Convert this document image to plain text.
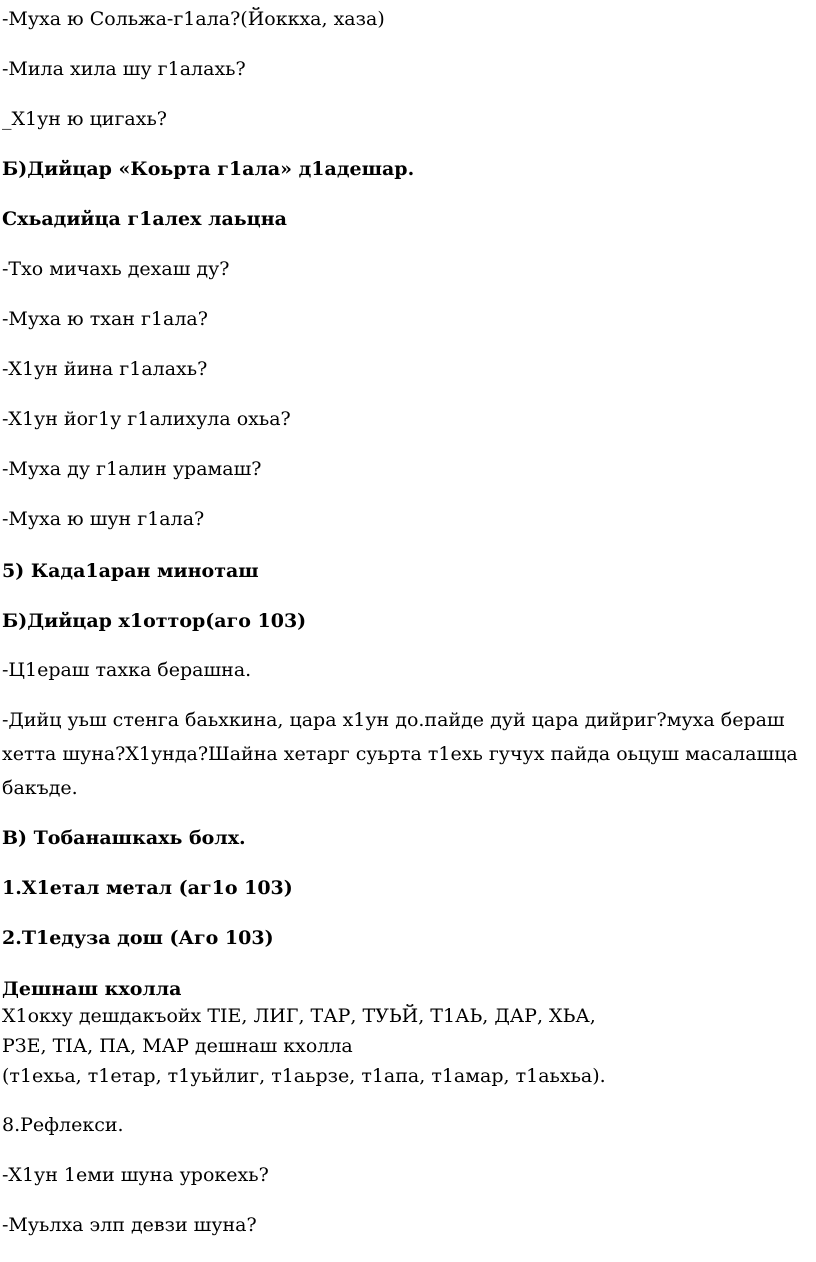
-Муха ю Сольжа-г1ала?(Йоккха, хаза)

-Мила хила шу г1алахь?

_Х1ун ю цигахь?

Б)Дийцар «Коьрта г1ала» д1адешар.

Схьадийца г1алех лаьцна

-Тхо мичахь дехаш ду?

-Муха ю тхан г1ала?

-Х1ун йина г1алахь?

-Х1ун йог1у г1алихула охьа?

-Муха ду г1алин урамаш?

-Муха ю шун г1ала?

5) Када1аран минoташ

Б)Дийцар х1оттор(аго 103)

-Ц1ераш тахка берашна.

-Дийц уьш стенга баьхкина, цара х1ун до.пайде дуй цара дийриг?муха бераш хетта шуна?Х1унда?Шайна хетарг суьрта т1ехь гучух пайда оьцуш масалашца бакъде.

В) Тобанашкахь болх.

1.Х1етал метал (аг1о 103)

2.Т1едуза дош (Аго 103)

Дешнаш кхолла

Х1окху дешдакъойх ТIЕ, ЛИГ, ТАР, ТУЬЙ, Т1АЬ, ДАР, ХЬА,
РЗЕ, ТIА, ПА, МАР дешнаш кхолла
(т1ехьа, т1етар, т1уьйлиг, т1аьрзе, т1апа, т1амар, т1аьхьа).

8.Рефлекси.

-Х1ун 1еми шуна урокехь?

-Муьлха элп девзи шуна?
